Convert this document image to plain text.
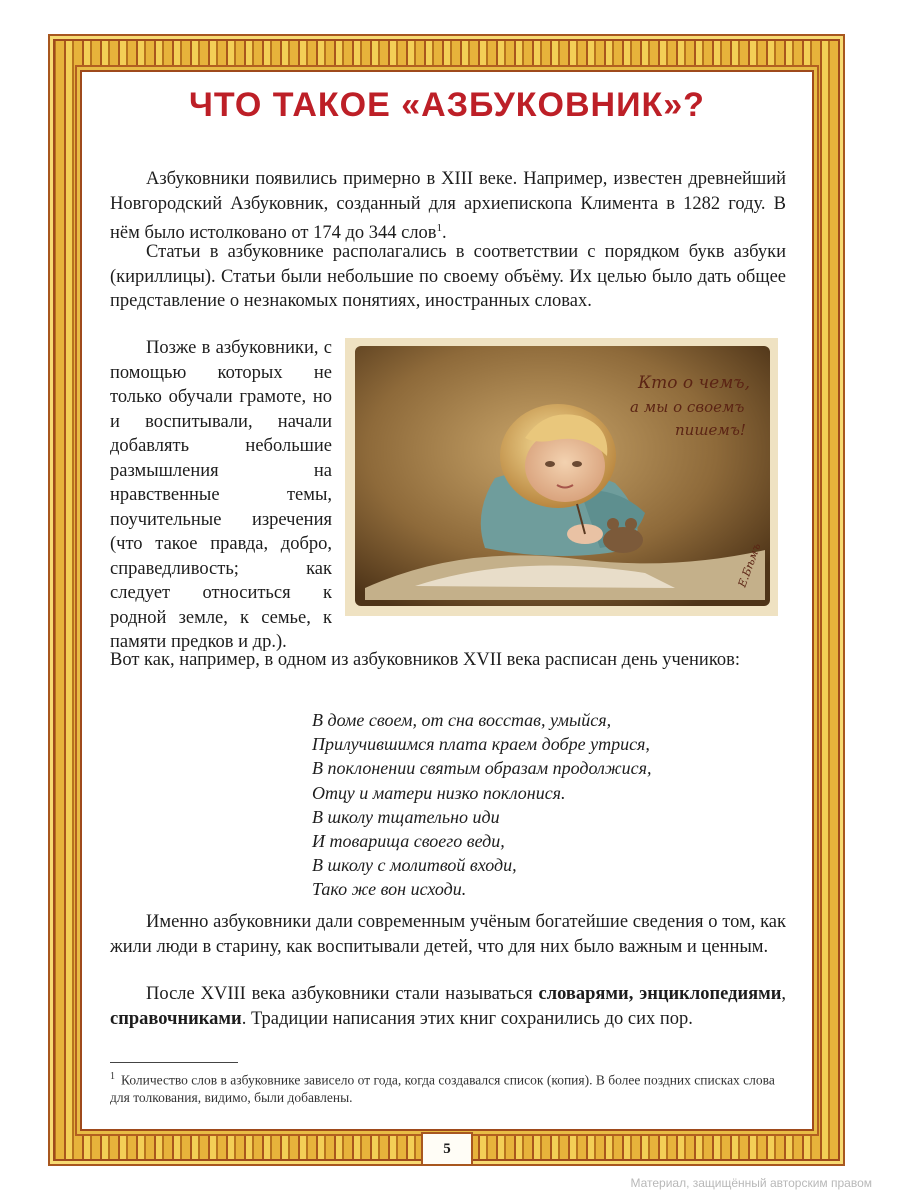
ЧТО ТАКОЕ «АЗБУКОВНИК»?

Азбуковники появились примерно в XIII веке. Например, известен древнейший Новгородский Азбуковник, созданный для архиепископа Климента в 1282 году. В нём было истолковано от 174 до 344 слов$^1$.

Статьи в азбуковнике располагались в соответствии с порядком букв азбуки (кириллицы). Статьи были небольшие по своему объёму. Их целью было дать общее представление о незнакомых понятиях, иностранных словах.

Позже в азбуковники, с помощью которых не только обучали грамоте, но и воспитывали, начали добавлять небольшие размышления на нравственные темы, поучительные изречения (что такое правда, добро, справедливость; как следует относиться к родной земле, к семье, к памяти предков и др.).

Кто о чемъ,
а мы о своемъ
пишемъ!
Е.Бѣмъ

Вот как, например, в одном из азбуковников XVII века расписан день учеников:

В доме своем, от сна восстав, умыйся,
Прилучившимся плата краем добре утрися,
В поклонении святым образам продолжися,
Отцу и матери низко поклонися.
В школу тщательно иди
И товарища своего веди,
В школу с молитвой входи,
Тако же вон исходи.

Именно азбуковники дали современным учёным богатейшие сведения о том, как жили люди в старину, как воспитывали детей, что для них было важным и ценным.

После XVIII века азбуковники стали называться словарями, энциклопедиями, справочниками. Традиции написания этих книг сохранились до сих пор.

$^1$ Количество слов в азбуковнике зависело от года, когда создавался список (копия). В более поздних списках слова для толкования, видимо, были добавлены.
5
Материал, защищённый авторским правом
